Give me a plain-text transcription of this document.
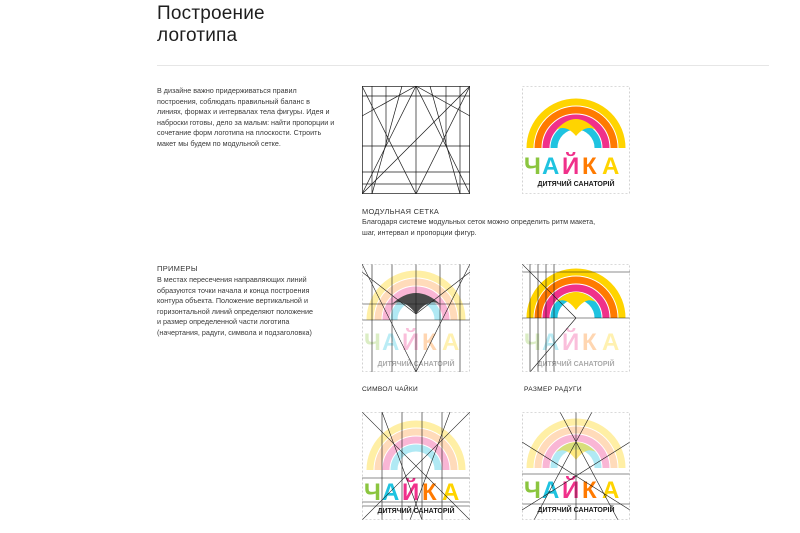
Построение
логотипа
В дизайне важно придерживаться правил построения, соблюдать правильный баланс в линиях, формах и интервалах тела фигуры. Идея и наброски готовы, дело за малым: найти пропорции и сочетание форм логотипа на плоскости. Строить макет мы будем по модульной сетке.
Ч А Й К А
ДИТЯЧИЙ САНАТОРІЙ
МОДУЛЬНАЯ СЕТКА
Благодаря системе модульных сеток можно определить ритм макета, шаг, интервал и пропорции фигур.
ПРИМЕРЫ
В местах пересечения направляющих линий образуются точки начала и конца построения контура объекта. Положение вертикальной и горизонтальной линий определяют положение и размер определенной части логотипа (начертания, радуги, символа и подзаголовка) Ч А Й К А
ДИТЯЧИЙ САНАТОРІЙ
Ч А Й К А
ДИТЯЧИЙ САНАТОРІЙ
СИМВОЛ ЧАЙКИ	РАЗМЕР РАДУГИ
Ч А Й К А
ДИТЯЧИЙ САНАТОРІЙ
Ч А Й К А
ДИТЯЧИЙ САНАТОРІЙ
